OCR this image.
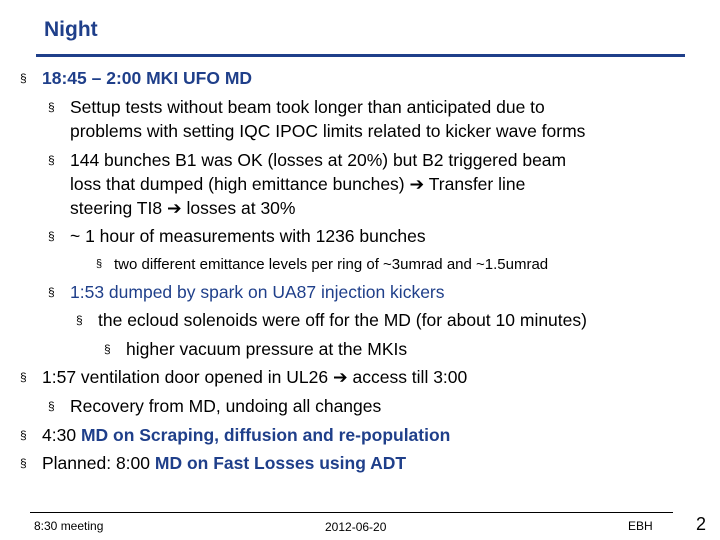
Night
§ 18:45 – 2:00 MKI UFO MD
§ Settup tests without beam took longer than anticipated due to
problems with setting IQC IPOC limits related to kicker wave forms
§ 144 bunches B1 was OK (losses at 20%) but B2 triggered beam
loss that dumped (high emittance bunches) ➔ Transfer line
steering TI8 ➔ losses at 30%
§ ~ 1 hour of measurements with 1236 bunches
§ two different emittance levels per ring of ~3umrad and ~1.5umrad
§ 1:53 dumped by spark on UA87 injection kickers
§ the ecloud solenoids were off for the MD (for about 10 minutes)
§ higher vacuum pressure at the MKIs
§ 1:57 ventilation door opened in UL26 ➔ access till 3:00
§ Recovery from MD, undoing all changes
§ 4:30 MD on Scraping, diffusion and re-population
§ Planned: 8:00 MD on Fast Losses using ADT
8:30 meeting	2012-06-20	EBH 2
